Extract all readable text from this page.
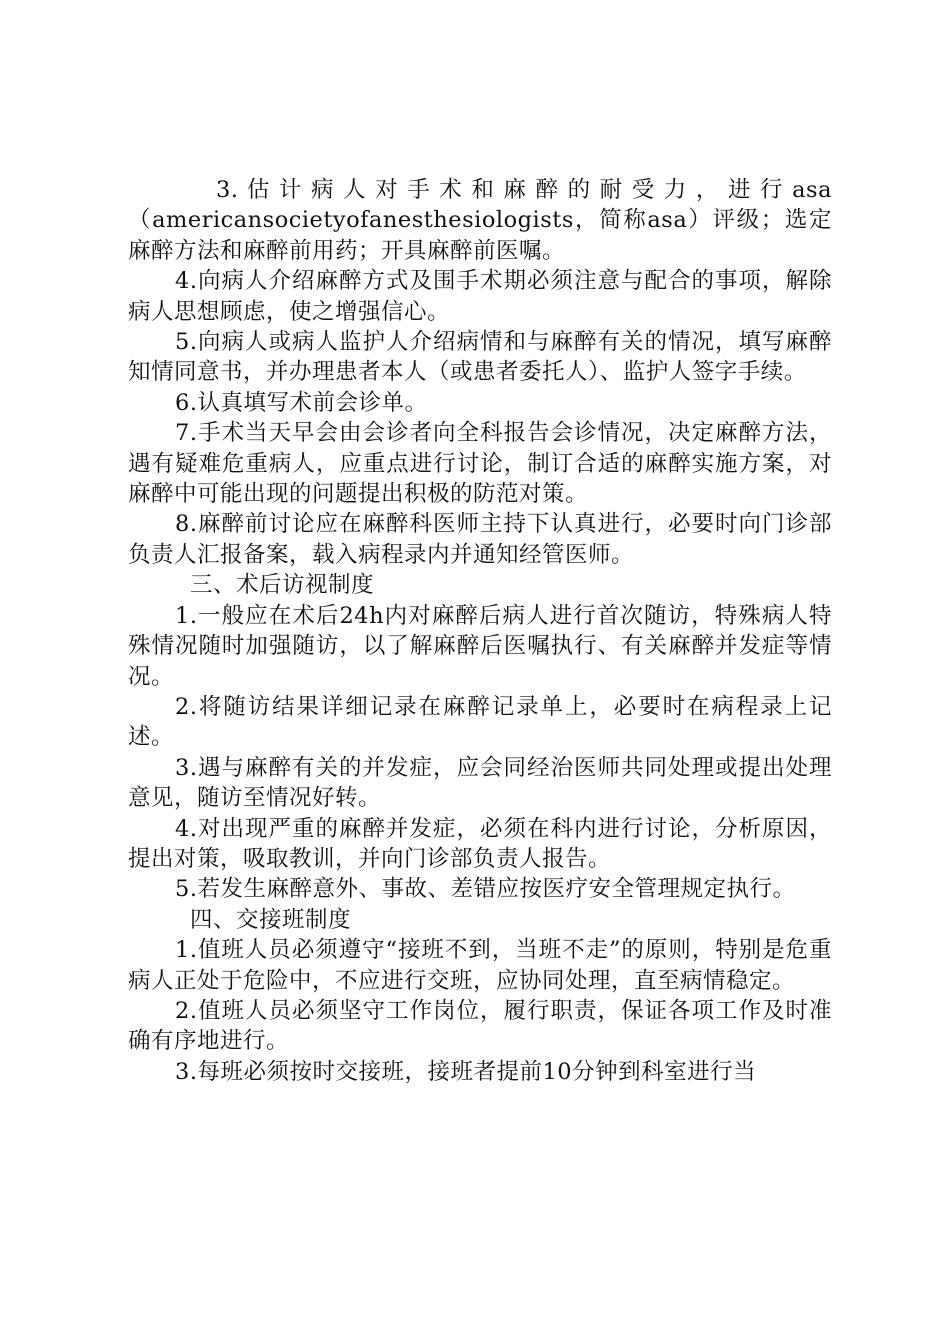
3. 估 计 病 人 对 手 术 和 麻 醉 的 耐 受 力 ， 进 行 asa（americansocietyofanesthesiologists，简称asa）评级；选定麻醉方法和麻醉前用药；开具麻醉前医嘱。

4.向病人介绍麻醉方式及围手术期必须注意与配合的事项，解除病人思想顾虑，使之增强信心。

5.向病人或病人监护人介绍病情和与麻醉有关的情况，填写麻醉知情同意书，并办理患者本人（或患者委托人）、监护人签字手续。

6.认真填写术前会诊单。

7.手术当天早会由会诊者向全科报告会诊情况，决定麻醉方法，遇有疑难危重病人，应重点进行讨论，制订合适的麻醉实施方案，对麻醉中可能出现的问题提出积极的防范对策。

8.麻醉前讨论应在麻醉科医师主持下认真进行，必要时向门诊部负责人汇报备案，载入病程录内并通知经管医师。

三、术后访视制度

1.一般应在术后24h内对麻醉后病人进行首次随访，特殊病人特殊情况随时加强随访，以了解麻醉后医嘱执行、有关麻醉并发症等情况。

2.将随访结果详细记录在麻醉记录单上，必要时在病程录上记述。

3.遇与麻醉有关的并发症，应会同经治医师共同处理或提出处理意见，随访至情况好转。

4.对出现严重的麻醉并发症，必须在科内进行讨论，分析原因，提出对策，吸取教训，并向门诊部负责人报告。

5.若发生麻醉意外、事故、差错应按医疗安全管理规定执行。

四、交接班制度

1.值班人员必须遵守“接班不到，当班不走”的原则，特别是危重病人正处于危险中，不应进行交班，应协同处理，直至病情稳定。

2.值班人员必须坚守工作岗位，履行职责，保证各项工作及时准确有序地进行。

3.每班必须按时交接班，接班者提前10分钟到科室进行当
